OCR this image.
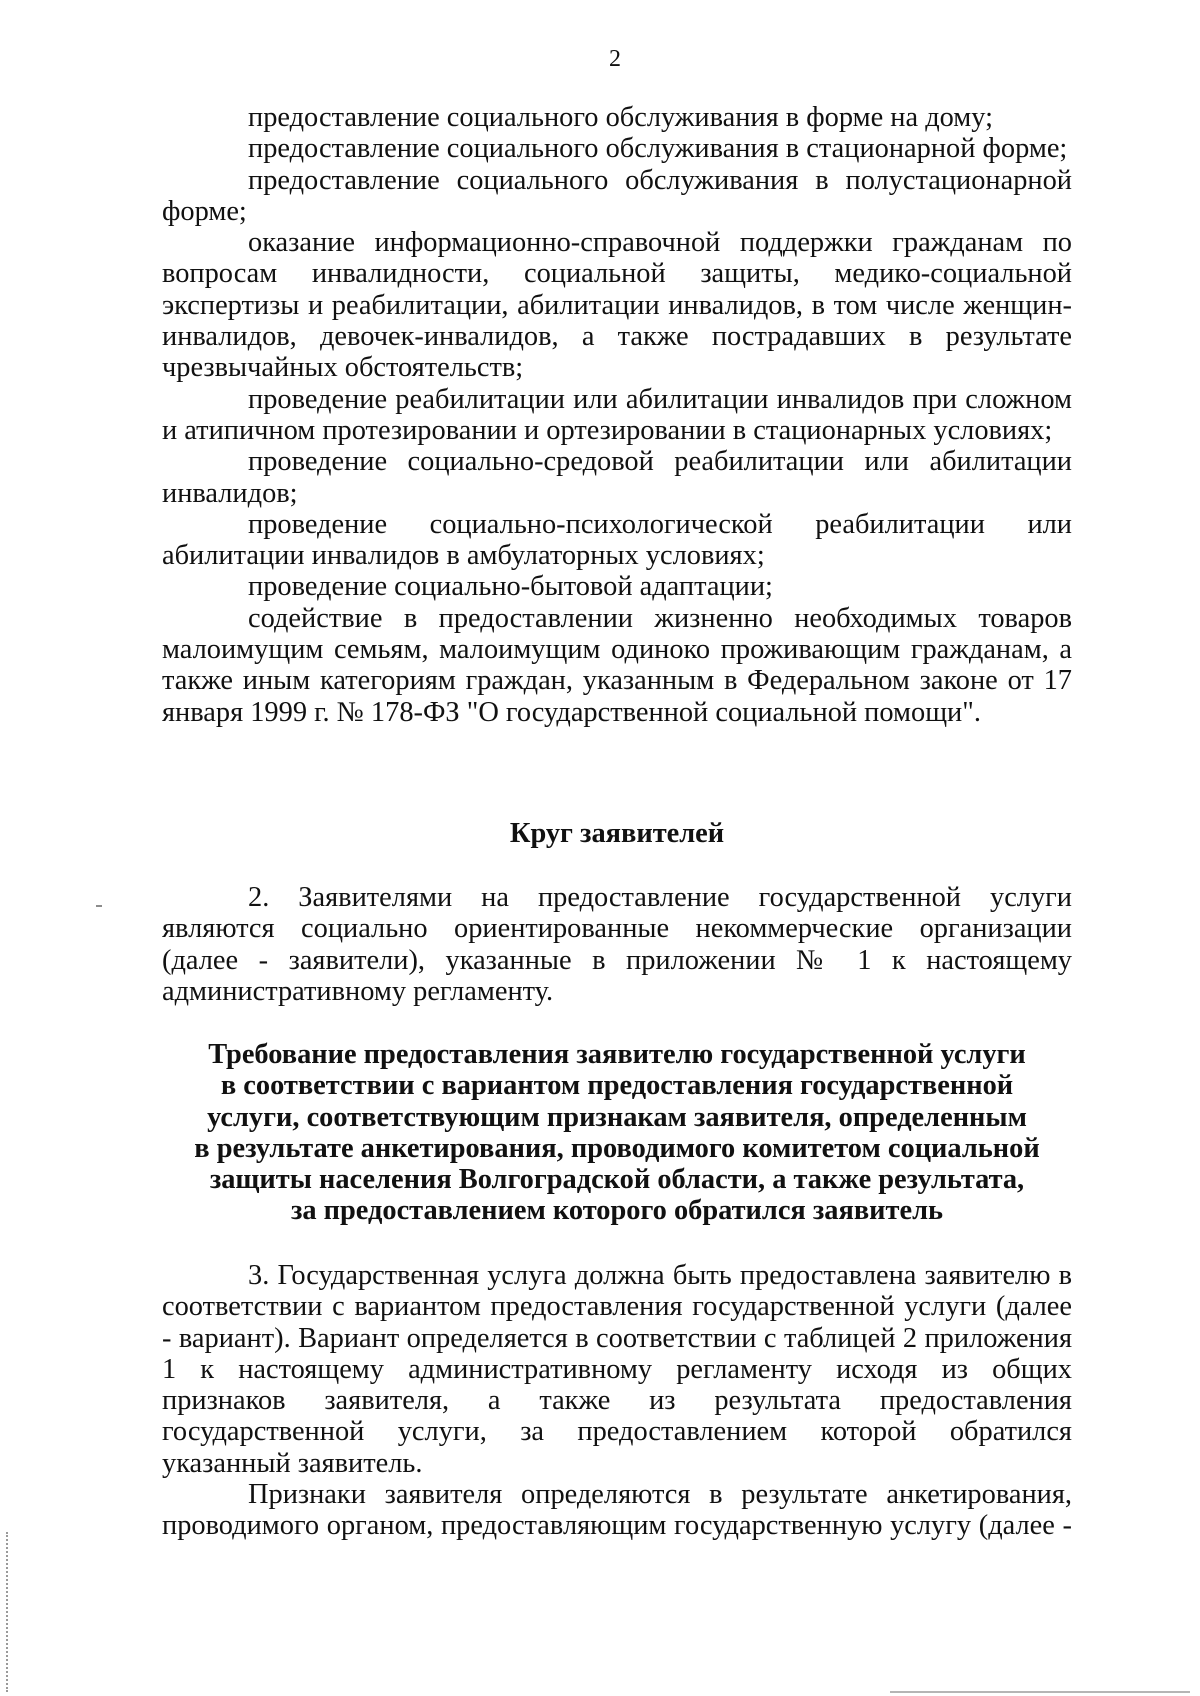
2

предоставление социального обслуживания в форме на дому;

предоставление социального обслуживания в стационарной форме;

предоставление социального обслуживания в полустационарной форме;

оказание информационно-справочной поддержки гражданам по вопросам инвалидности, социальной защиты, медико-социальной экспертизы и реабилитации, абилитации инвалидов, в том числе женщин-инвалидов, девочек-инвалидов, а также пострадавших в результате чрезвычайных обстоятельств;

проведение реабилитации или абилитации инвалидов при сложном и атипичном протезировании и ортезировании в стационарных условиях;

проведение социально-средовой реабилитации или абилитации инвалидов;

проведение социально-психологической реабилитации или абилитации инвалидов в амбулаторных условиях;

проведение социально-бытовой адаптации;

содействие в предоставлении жизненно необходимых товаров малоимущим семьям, малоимущим одиноко проживающим гражданам, а также иным категориям граждан, указанным в Федеральном законе от 17 января 1999 г. № 178-ФЗ "О государственной социальной помощи".

Круг заявителей

2. Заявителями на предоставление государственной услуги являются социально ориентированные некоммерческие организации (далее - заявители), указанные в приложении № 1 к настоящему административному регламенту.

Требование предоставления заявителю государственной услуги
в соответствии с вариантом предоставления государственной
услуги, соответствующим признакам заявителя, определенным
в результате анкетирования, проводимого комитетом социальной
защиты населения Волгоградской области, а также результата,
за предоставлением которого обратился заявитель

3. Государственная услуга должна быть предоставлена заявителю в соответствии с вариантом предоставления государственной услуги (далее - вариант). Вариант определяется в соответствии с таблицей 2 приложения 1 к настоящему административному регламенту исходя из общих признаков заявителя, а также из результата предоставления государственной услуги, за предоставлением которой обратился указанный заявитель.

Признаки заявителя определяются в результате анкетирования, проводимого органом, предоставляющим государственную услугу (далее -
